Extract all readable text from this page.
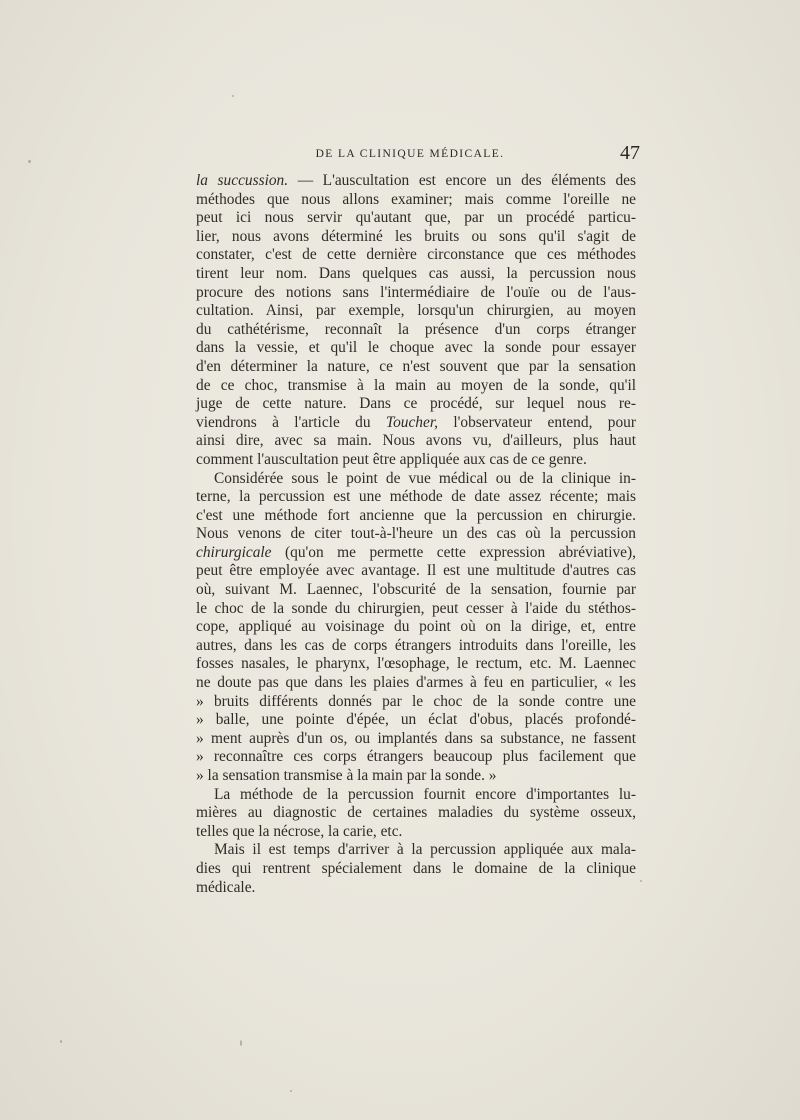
DE LA CLINIQUE MÉDICALE.	47
la succussion. — L'auscultation est encore un des éléments des
méthodes que nous allons examiner; mais comme l'oreille ne
peut ici nous servir qu'autant que, par un procédé particu-
lier, nous avons déterminé les bruits ou sons qu'il s'agit de
constater, c'est de cette dernière circonstance que ces méthodes
tirent leur nom. Dans quelques cas aussi, la percussion nous
procure des notions sans l'intermédiaire de l'ouïe ou de l'aus-
cultation. Ainsi, par exemple, lorsqu'un chirurgien, au moyen
du cathétérisme, reconnaît la présence d'un corps étranger
dans la vessie, et qu'il le choque avec la sonde pour essayer
d'en déterminer la nature, ce n'est souvent que par la sensation
de ce choc, transmise à la main au moyen de la sonde, qu'il
juge de cette nature. Dans ce procédé, sur lequel nous re-
viendrons à l'article du Toucher, l'observateur entend, pour
ainsi dire, avec sa main. Nous avons vu, d'ailleurs, plus haut
comment l'auscultation peut être appliquée aux cas de ce genre.
Considérée sous le point de vue médical ou de la clinique in-
terne, la percussion est une méthode de date assez récente; mais
c'est une méthode fort ancienne que la percussion en chirurgie.
Nous venons de citer tout-à-l'heure un des cas où la percussion
chirurgicale (qu'on me permette cette expression abréviative),
peut être employée avec avantage. Il est une multitude d'autres cas
où, suivant M. Laennec, l'obscurité de la sensation, fournie par
le choc de la sonde du chirurgien, peut cesser à l'aide du stéthos-
cope, appliqué au voisinage du point où on la dirige, et, entre
autres, dans les cas de corps étrangers introduits dans l'oreille, les
fosses nasales, le pharynx, l'œsophage, le rectum, etc. M. Laennec
ne doute pas que dans les plaies d'armes à feu en particulier, « les
» bruits différents donnés par le choc de la sonde contre une
» balle, une pointe d'épée, un éclat d'obus, placés profondé-
» ment auprès d'un os, ou implantés dans sa substance, ne fassent
» reconnaître ces corps étrangers beaucoup plus facilement que
» la sensation transmise à la main par la sonde. »
La méthode de la percussion fournit encore d'importantes lu-
mières au diagnostic de certaines maladies du système osseux,
telles que la nécrose, la carie, etc.
Mais il est temps d'arriver à la percussion appliquée aux mala-
dies qui rentrent spécialement dans le domaine de la clinique
médicale.
